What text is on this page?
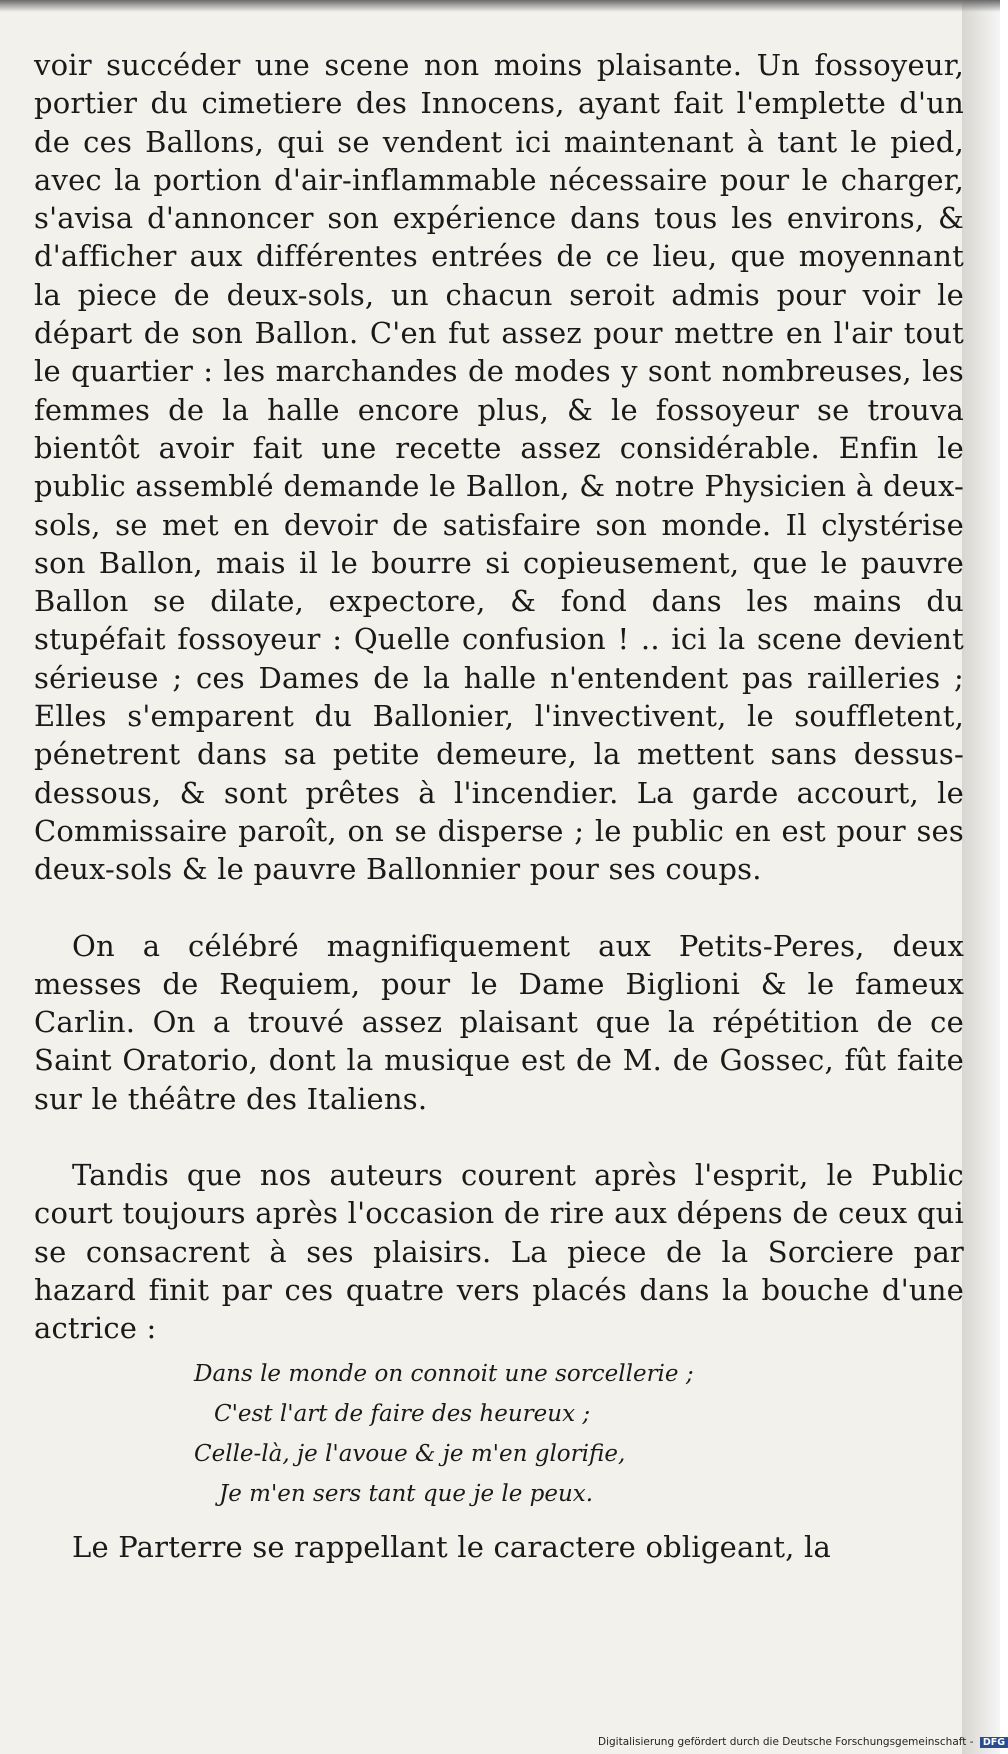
voir succéder une scene non moins plaisante. Un fossoyeur, portier du cimetiere des Innocens, ayant fait l'emplette d'un de ces Ballons, qui se vendent ici maintenant à tant le pied, avec la portion d'air-inflammable nécessaire pour le charger, s'avisa d'annoncer son expérience dans tous les environs, & d'afficher aux différentes entrées de ce lieu, que moyennant la piece de deux-sols, un chacun seroit admis pour voir le départ de son Ballon. C'en fut assez pour mettre en l'air tout le quartier : les marchandes de modes y sont nombreuses, les femmes de la halle encore plus, & le fossoyeur se trouva bientôt avoir fait une recette assez considérable. Enfin le public assemblé demande le Ballon, & notre Physicien à deux-sols, se met en devoir de satisfaire son monde. Il clystérise son Ballon, mais il le bourre si copieusement, que le pauvre Ballon se dilate, expectore, & fond dans les mains du stupéfait fossoyeur : Quelle confusion ! .. ici la scene devient sérieuse ; ces Dames de la halle n'entendent pas railleries ; Elles s'emparent du Ballonier, l'invectivent, le souffletent, pénetrent dans sa petite demeure, la mettent sans dessus-dessous, & sont prêtes à l'incendier. La garde accourt, le Commissaire paroît, on se disperse ; le public en est pour ses deux-sols & le pauvre Ballonnier pour ses coups.

On a célébré magnifiquement aux Petits-Peres, deux messes de Requiem, pour le Dame Biglioni & le fameux Carlin. On a trouvé assez plaisant que la répétition de ce Saint Oratorio, dont la musique est de M. de Gossec, fût faite sur le théâtre des Italiens.

Tandis que nos auteurs courent après l'esprit, le Public court toujours après l'occasion de rire aux dépens de ceux qui se consacrent à ses plaisirs. La piece de la Sorciere par hazard finit par ces quatre vers placés dans la bouche d'une actrice :

Dans le monde on connoit une sorcellerie ;
C'est l'art de faire des heureux ;
Celle-là, je l'avoue & je m'en glorifie,
Je m'en sers tant que je le peux.

Le Parterre se rappellant le caractere obligeant, la

Digitalisierung gefördert durch die Deutsche Forschungsgemeinschaft - DFG
